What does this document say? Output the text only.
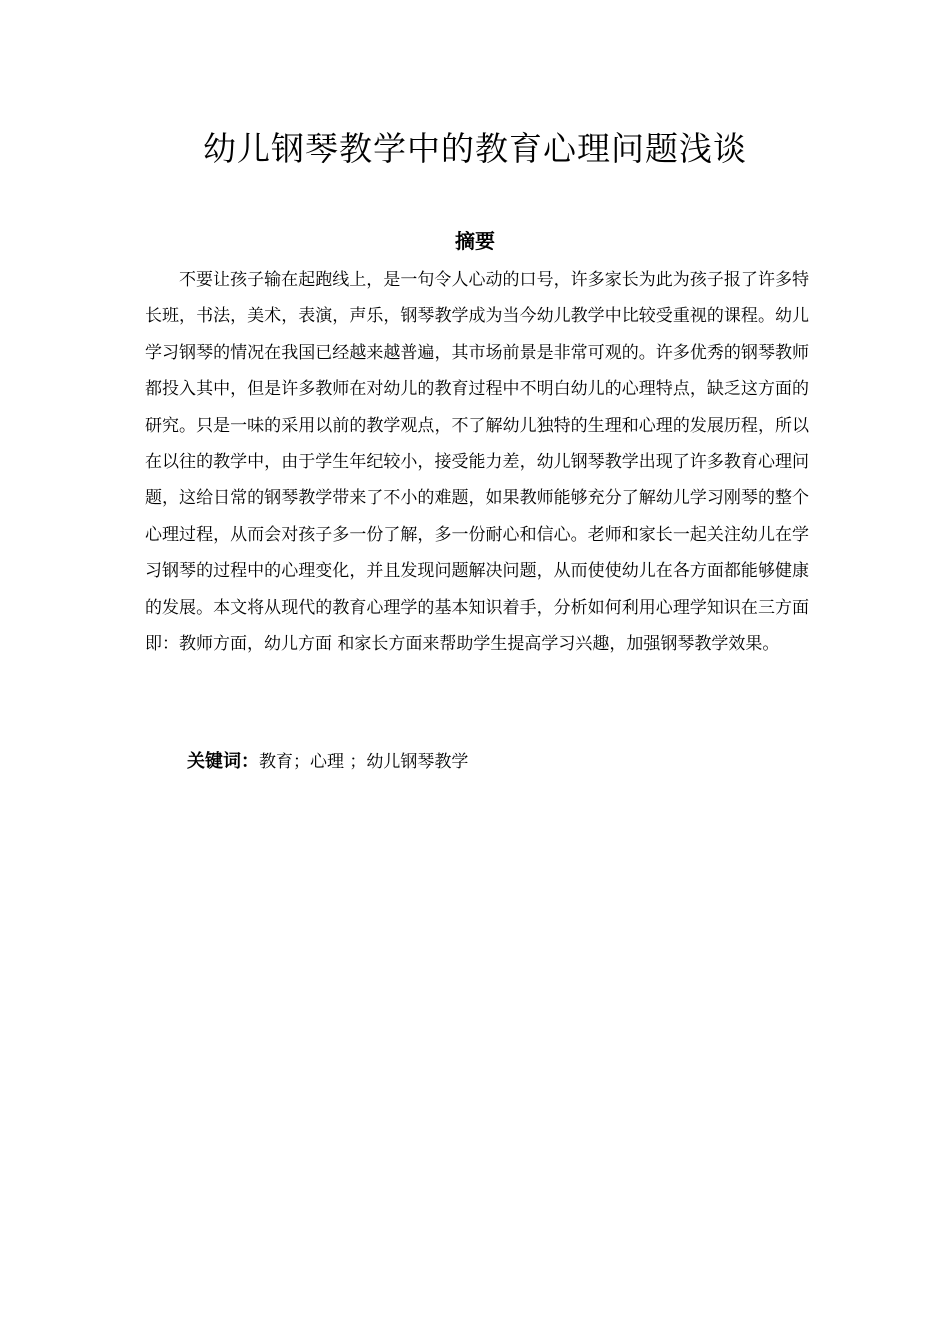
幼儿钢琴教学中的教育心理问题浅谈
摘要

不要让孩子输在起跑线上，是一句令人心动的口号，许多家长为此为孩子报了许多特长班，书法，美术，表演，声乐，钢琴教学成为当今幼儿教学中比较受重视的课程。幼儿学习钢琴的情况在我国已经越来越普遍，其市场前景是非常可观的。许多优秀的钢琴教师都投入其中，但是许多教师在对幼儿的教育过程中不明白幼儿的心理特点，缺乏这方面的研究。只是一味的采用以前的教学观点，不了解幼儿独特的生理和心理的发展历程，所以在以往的教学中，由于学生年纪较小，接受能力差，幼儿钢琴教学出现了许多教育心理问题，这给日常的钢琴教学带来了不小的难题，如果教师能够充分了解幼儿学习刚琴的整个心理过程，从而会对孩子多一份了解，多一份耐心和信心。老师和家长一起关注幼儿在学习钢琴的过程中的心理变化，并且发现问题解决问题，从而使使幼儿在各方面都能够健康的发展。本文将从现代的教育心理学的基本知识着手，分析如何利用心理学知识在三方面即：教师方面，幼儿方面 和家长方面来帮助学生提高学习兴趣，加强钢琴教学效果。

关键词：教育；心理 ；幼儿钢琴教学
